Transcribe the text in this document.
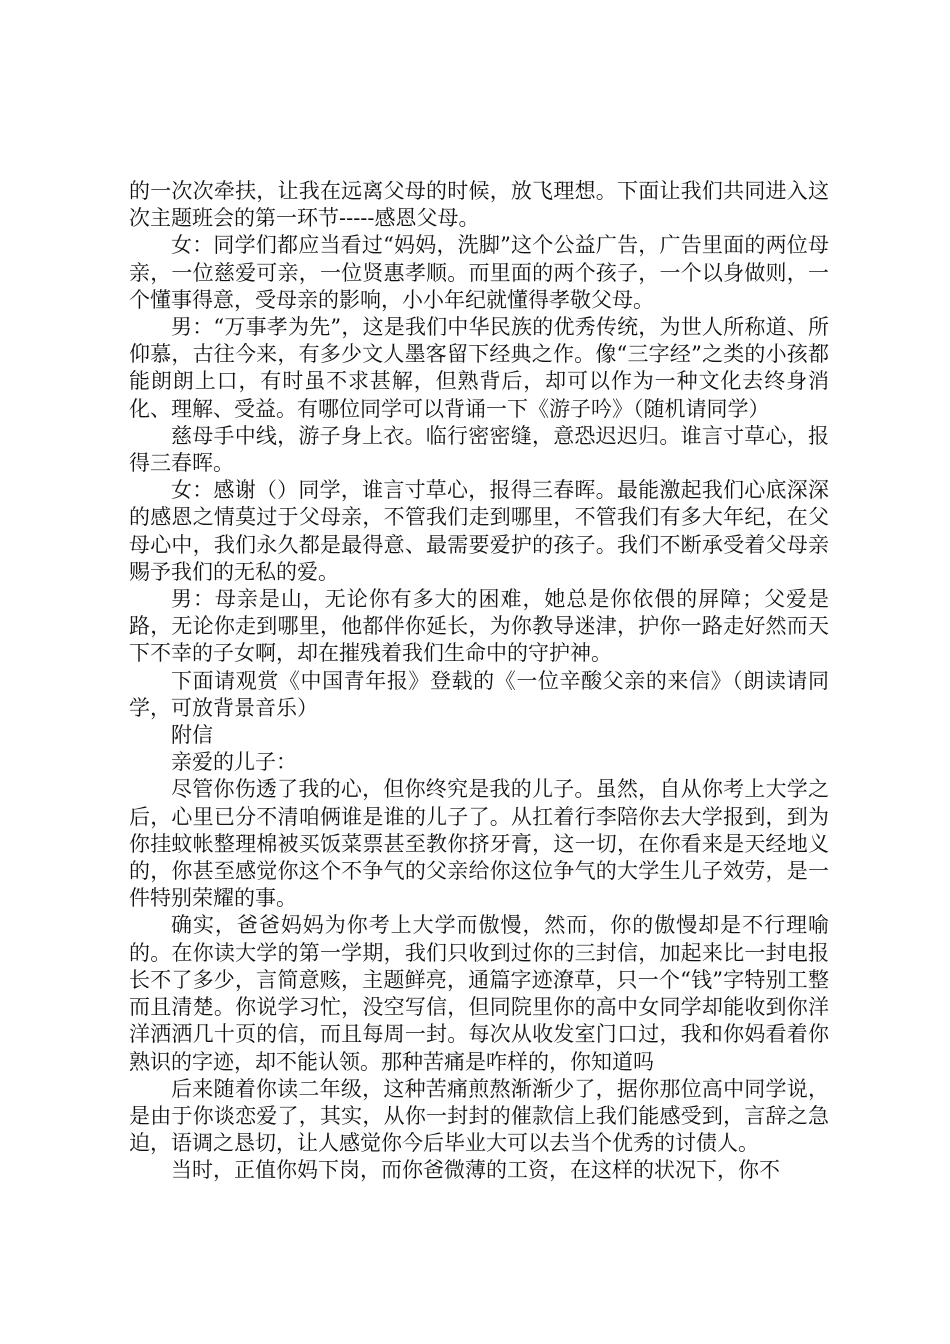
的一次次牵扶，让我在远离父母的时候，放飞理想。下面让我们共同进入这次主题班会的第一环节-----感恩父母。

女：同学们都应当看过“妈妈，洗脚”这个公益广告，广告里面的两位母亲，一位慈爱可亲，一位贤惠孝顺。而里面的两个孩子，一个以身做则，一个懂事得意，受母亲的影响，小小年纪就懂得孝敬父母。

男：“万事孝为先”，这是我们中华民族的优秀传统，为世人所称道、所仰慕，古往今来，有多少文人墨客留下经典之作。像“三字经”之类的小孩都能朗朗上口，有时虽不求甚解，但熟背后，却可以作为一种文化去终身消化、理解、受益。有哪位同学可以背诵一下《游子吟》（随机请同学）

慈母手中线，游子身上衣。临行密密缝，意恐迟迟归。谁言寸草心，报得三春晖。

女：感谢（）同学，谁言寸草心，报得三春晖。最能激起我们心底深深的感恩之情莫过于父母亲，不管我们走到哪里，不管我们有多大年纪，在父母心中，我们永久都是最得意、最需要爱护的孩子。我们不断承受着父母亲赐予我们的无私的爱。

男：母亲是山，无论你有多大的困难，她总是你依偎的屏障；父爱是路，无论你走到哪里，他都伴你延长，为你教导迷津，护你一路走好然而天下不幸的子女啊，却在摧残着我们生命中的守护神。

下面请观赏《中国青年报》登载的《一位辛酸父亲的来信》（朗读请同学，可放背景音乐）

附信

亲爱的儿子：

尽管你伤透了我的心，但你终究是我的儿子。虽然，自从你考上大学之后，心里已分不清咱俩谁是谁的儿子了。从扛着行李陪你去大学报到，到为你挂蚊帐整理棉被买饭菜票甚至教你挤牙膏，这一切，在你看来是天经地义的，你甚至感觉你这个不争气的父亲给你这位争气的大学生儿子效劳，是一件特别荣耀的事。

确实，爸爸妈妈为你考上大学而傲慢，然而，你的傲慢却是不行理喻的。在你读大学的第一学期，我们只收到过你的三封信，加起来比一封电报长不了多少，言简意赅，主题鲜亮，通篇字迹潦草，只一个“钱”字特别工整而且清楚。你说学习忙，没空写信，但同院里你的高中女同学却能收到你洋洋洒洒几十页的信，而且每周一封。每次从收发室门口过，我和你妈看着你熟识的字迹，却不能认领。那种苦痛是咋样的，你知道吗

后来随着你读二年级，这种苦痛煎熬渐渐少了，据你那位高中同学说，是由于你谈恋爱了，其实，从你一封封的催款信上我们能感受到，言辞之急迫，语调之恳切，让人感觉你今后毕业大可以去当个优秀的讨债人。

当时，正值你妈下岗，而你爸微薄的工资，在这样的状况下，你不
